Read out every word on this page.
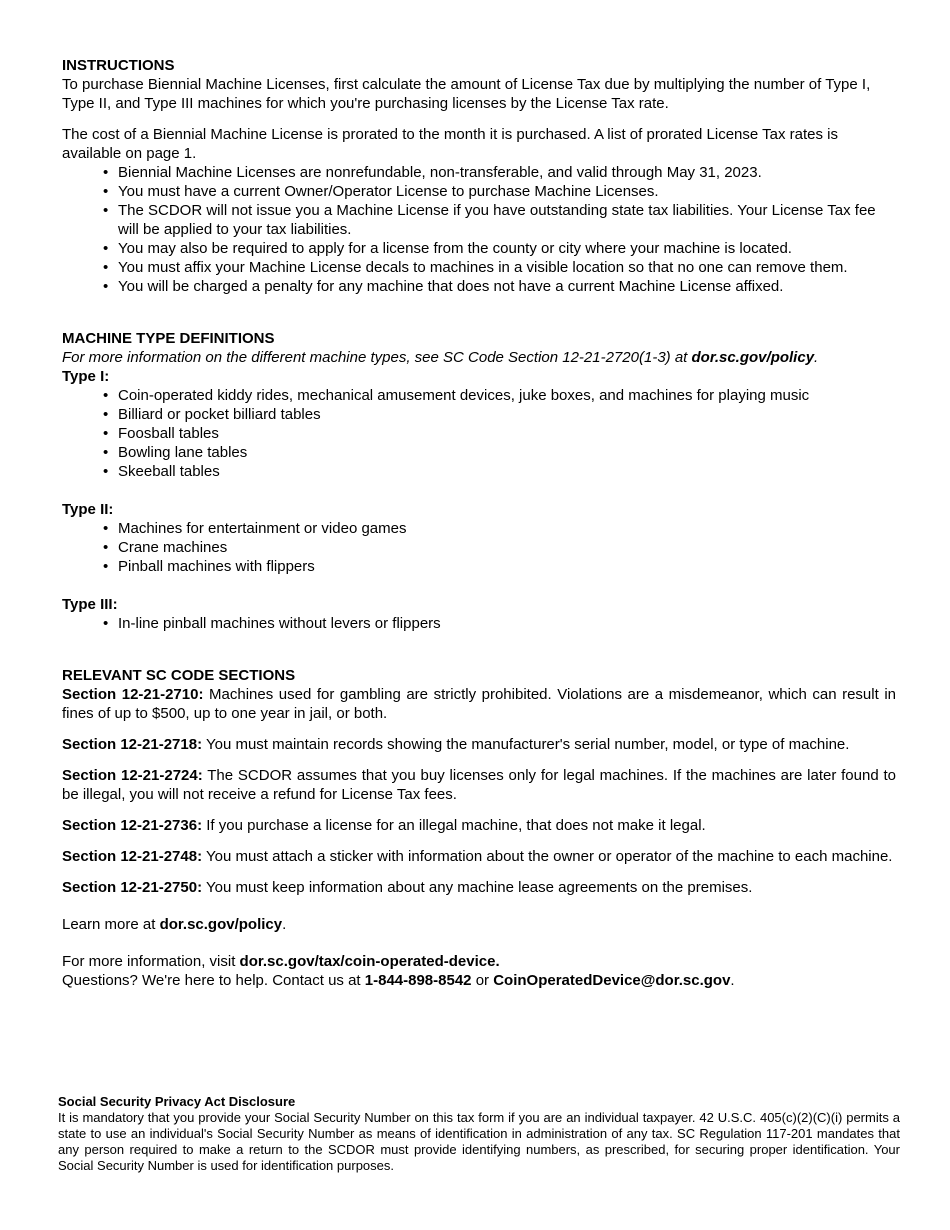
INSTRUCTIONS

To purchase Biennial Machine Licenses, first calculate the amount of License Tax due by multiplying the number of Type I, Type II, and Type III machines for which you're purchasing licenses by the License Tax rate.

The cost of a Biennial Machine License is prorated to the month it is purchased. A list of prorated License Tax rates is available on page 1.

• Biennial Machine Licenses are nonrefundable, non-transferable, and valid through May 31, 2023.
• You must have a current Owner/Operator License to purchase Machine Licenses.
• The SCDOR will not issue you a Machine License if you have outstanding state tax liabilities. Your License Tax fee will be applied to your tax liabilities.
• You may also be required to apply for a license from the county or city where your machine is located.
• You must affix your Machine License decals to machines in a visible location so that no one can remove them.
• You will be charged a penalty for any machine that does not have a current Machine License affixed.

MACHINE TYPE DEFINITIONS

For more information on the different machine types, see SC Code Section 12-21-2720(1-3) at dor.sc.gov/policy.

Type I:

• Coin-operated kiddy rides, mechanical amusement devices, juke boxes, and machines for playing music
• Billiard or pocket billiard tables
• Foosball tables
• Bowling lane tables
• Skeeball tables

Type II:

• Machines for entertainment or video games
• Crane machines
• Pinball machines with flippers

Type III:

• In-line pinball machines without levers or flippers

RELEVANT SC CODE SECTIONS

Section 12-21-2710: Machines used for gambling are strictly prohibited. Violations are a misdemeanor, which can result in fines of up to $500, up to one year in jail, or both.

Section 12-21-2718: You must maintain records showing the manufacturer's serial number, model, or type of machine.

Section 12-21-2724: The SCDOR assumes that you buy licenses only for legal machines. If the machines are later found to be illegal, you will not receive a refund for License Tax fees.

Section 12-21-2736: If you purchase a license for an illegal machine, that does not make it legal.

Section 12-21-2748: You must attach a sticker with information about the owner or operator of the machine to each machine.

Section 12-21-2750: You must keep information about any machine lease agreements on the premises.

Learn more at dor.sc.gov/policy.

For more information, visit dor.sc.gov/tax/coin-operated-device.

Questions? We're here to help. Contact us at 1-844-898-8542 or CoinOperatedDevice@dor.sc.gov.

Social Security Privacy Act Disclosure

It is mandatory that you provide your Social Security Number on this tax form if you are an individual taxpayer. 42 U.S.C. 405(c)(2)(C)(i) permits a state to use an individual's Social Security Number as means of identification in administration of any tax. SC Regulation 117-201 mandates that any person required to make a return to the SCDOR must provide identifying numbers, as prescribed, for securing proper identification. Your Social Security Number is used for identification purposes.
